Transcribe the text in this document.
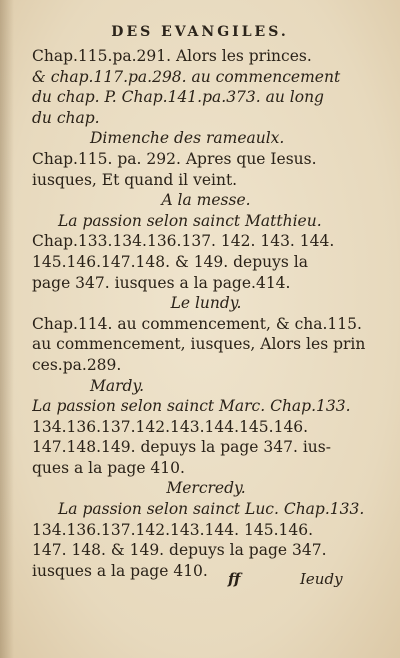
DES EVANGILES.
Chap.115.pa.291. Alors les princes.
& chap.117.pa.298. au commencement
du chap. P. Chap.141.pa.373. au long
du chap.
Dimenche des rameaulx.
Chap.115. pa. 292. Apres que Iesus.
iusques, Et quand il veint.
A la messe.
La passion selon sainct Matthieu.
Chap.133.134.136.137. 142. 143. 144.
145.146.147.148. & 149. depuys la
page 347. iusques a la page.414.
Le lundy.
Chap.114. au commencement, & cha.115.
au commencement, iusques, Alors les prin
ces.pa.289.
Mardy.
La passion selon sainct Marc. Chap.133.
134.136.137.142.143.144.145.146.
147.148.149. depuys la page 347. ius-
ques a la page 410.
Mercredy.
La passion selon sainct Luc. Chap.133.
134.136.137.142.143.144. 145.146.
147. 148. & 149. depuys la page 347.
iusques a la page 410.	ff	Ieudy
